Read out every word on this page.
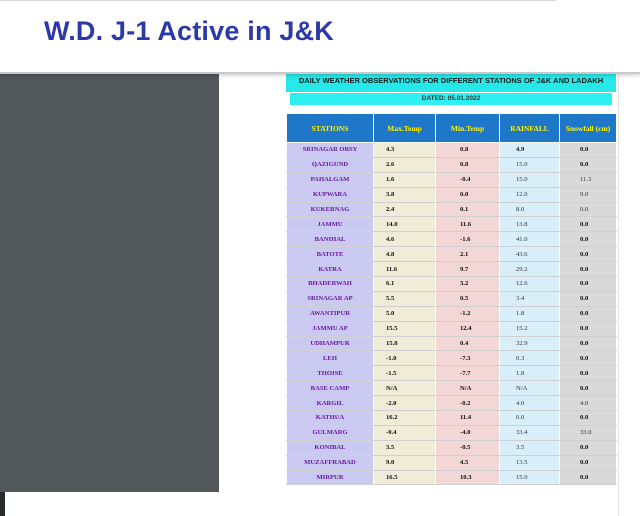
W.D. J-1 Active in J&K
DAILY WEATHER OBSERVATIONS FOR DIFFERENT STATIONS OF J&K AND LADAKH
DATED: 05.01.2022
STATIONS	Max.Temp	Min.Temp	RAINFALL	Snowfall (cm)
SRINAGAR OBSY	4.3	0.8	4.9	0.0
QAZIGUND	2.6	0.8	15.0	0.0
PAHALGAM	1.6	-0.4	15.0	11.3
KUPWARA	3.8	0.0	12.0	9.0
KUKERNAG	2.4	0.1	8.0	0.0
JAMMU	14.0	11.6	13.8	0.0
BANIHAL	4.6	-1.6	41.0	0.0
BATOTE	4.8	2.1	43.6	0.0
KATRA	11.6	9.7	29.2	0.0
BHADERWAH	6.1	3.2	12.6	0.0
SRINAGAR AP	5.5	0.5	3.4	0.0
AWANTIPUR	5.0	-1.2	1.8	0.0
JAMMU AP	15.5	12.4	15.2	0.0
UDHAMPUR	15.8	0.4	32.9	0.0
LEH	-1.0	-7.3	0.3	0.0
THOISE	-1.5	-7.7	1.8	0.0
BASE CAMP	N/A	N/A	N/A	0.0
KARGIL	-2.0	-0.2	4.0	4.0
KATHUA	16.2	11.4	0.0	0.0
GULMARG	-0.4	-4.0	33.4	33.0
KONIBAL	3.5	-0.5	3.5	0.0
MUZAFFRABAD	9.0	4.5	13.5	0.0
MIRPUR	16.5	10.3	15.0	0.0
